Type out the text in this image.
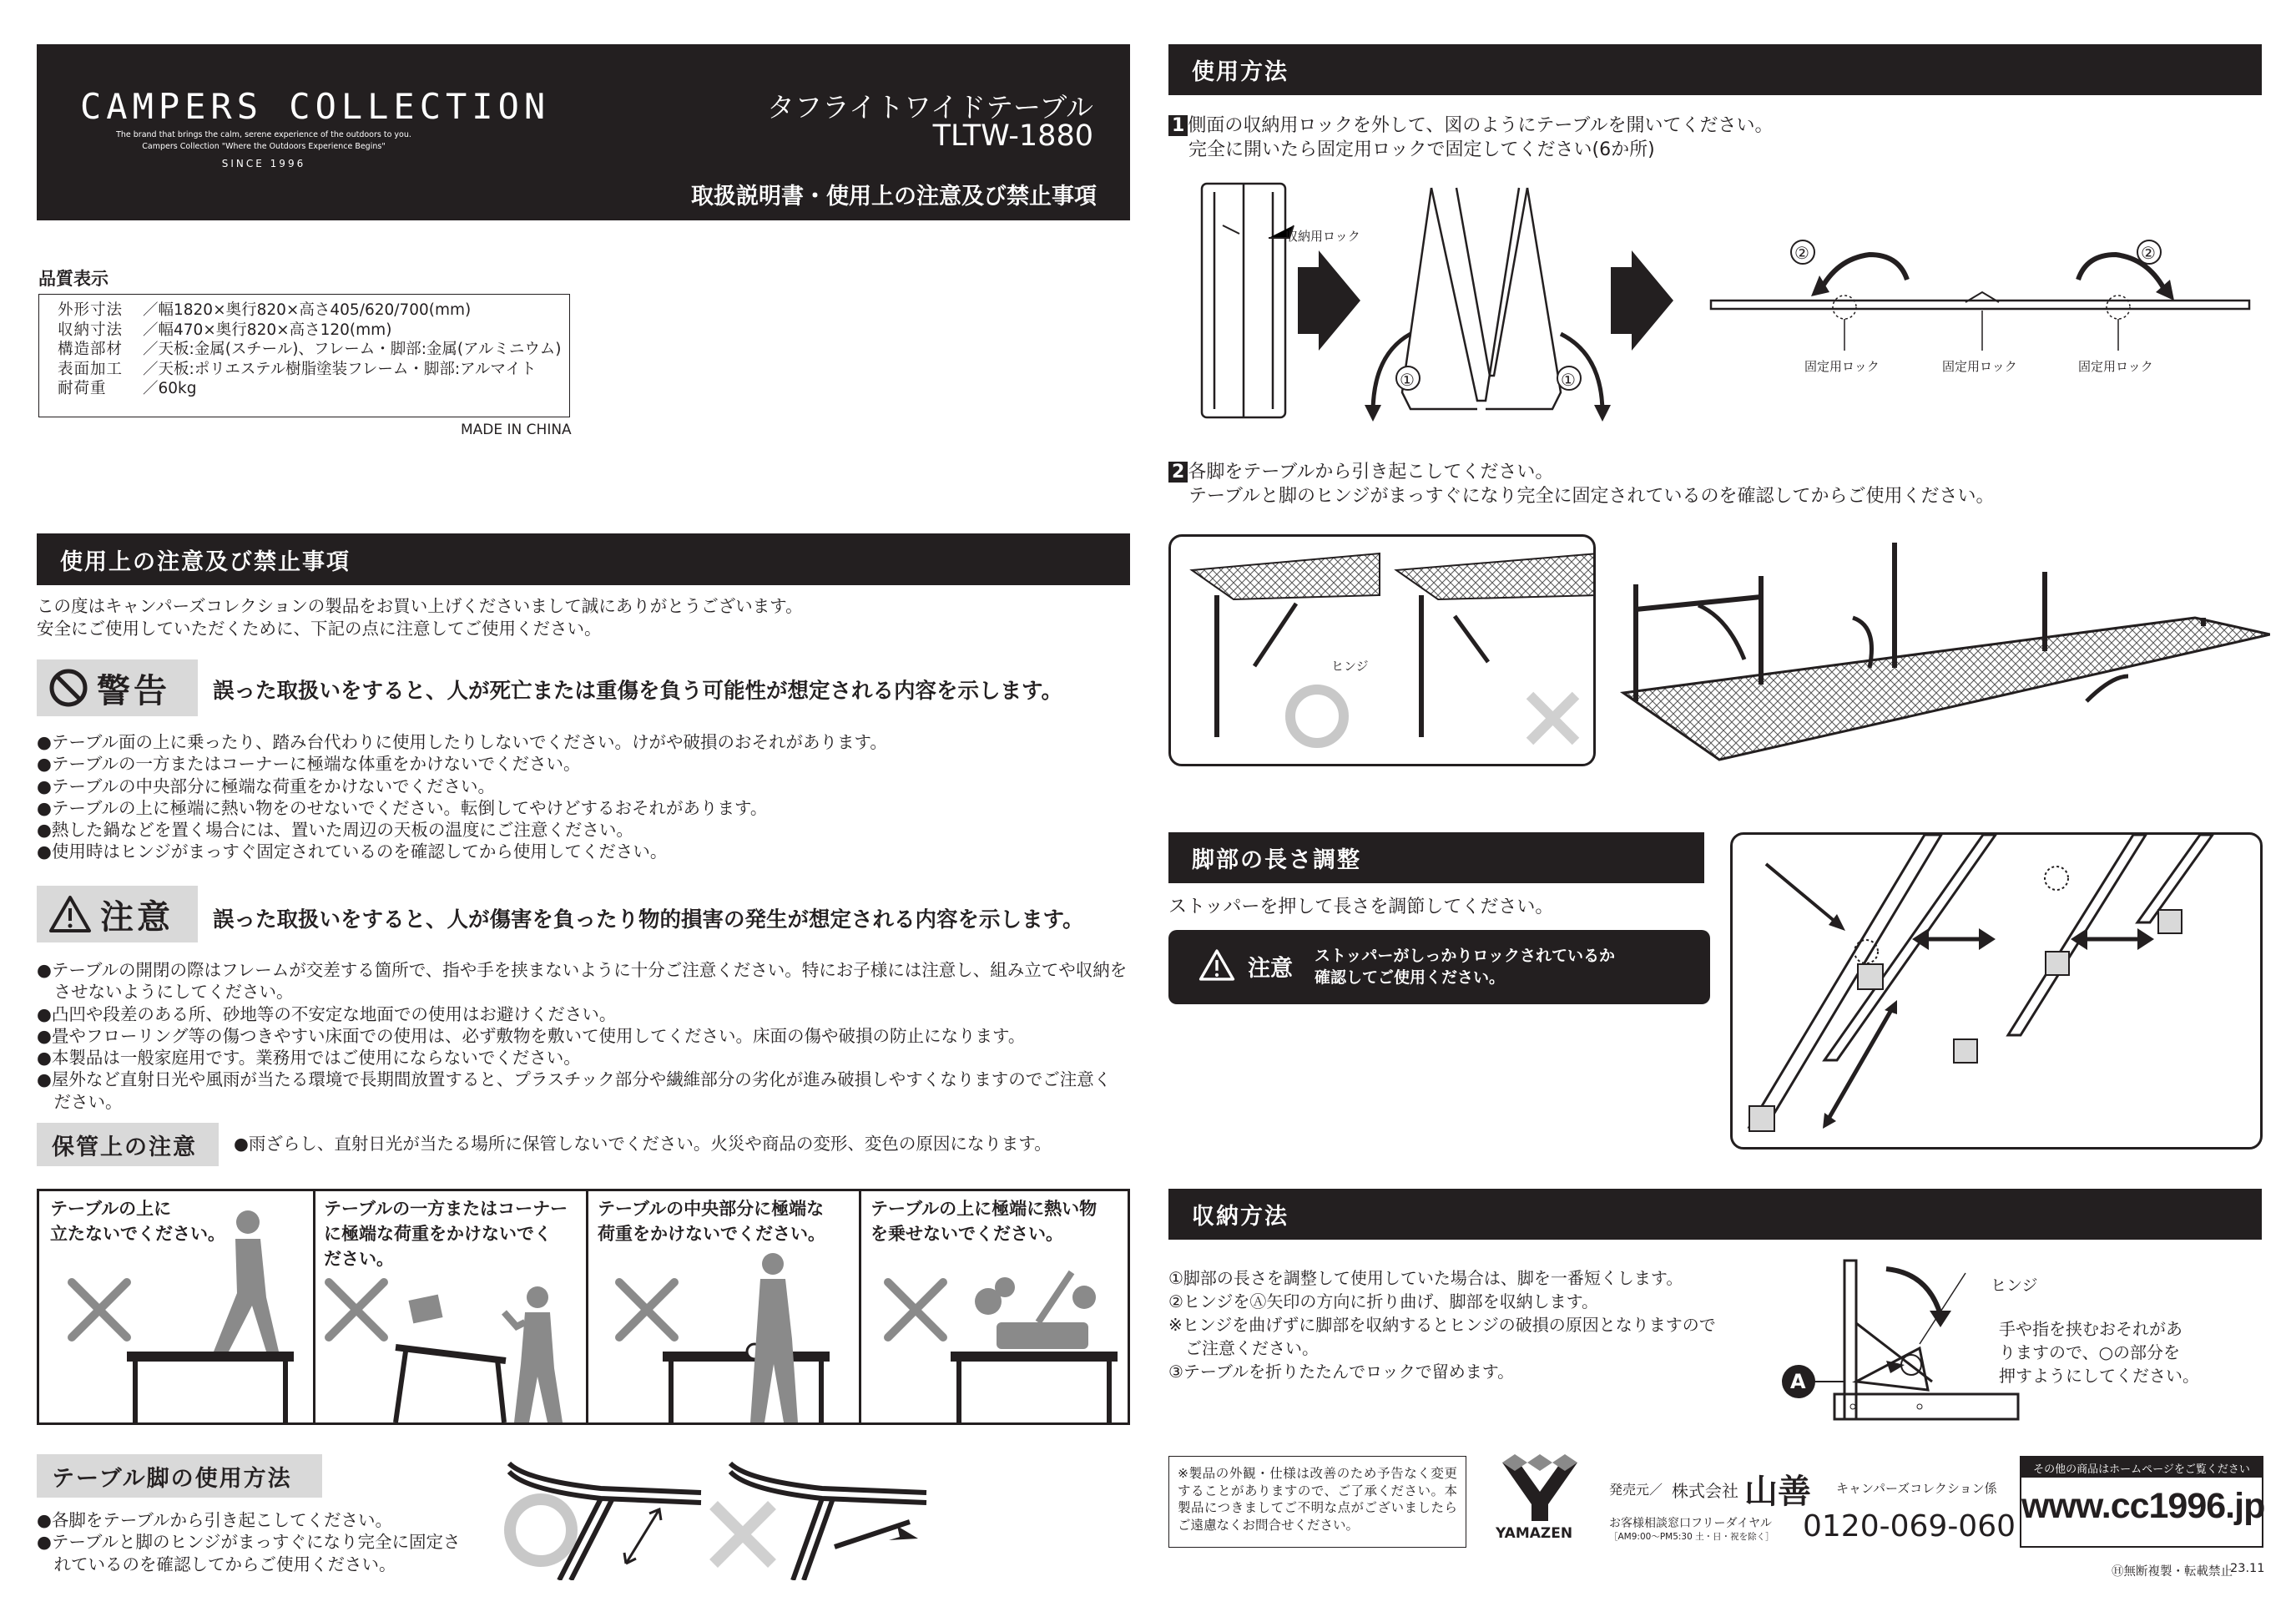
CAMPERS COLLECTION
The brand that brings the calm, serene experience of the outdoors to you.
Campers Collection "Where the Outdoors Experience Begins"
SINCE 1996
タフライトワイドテーブル
TLTW-1880
取扱説明書・使用上の注意及び禁止事項
品質表示
外形寸法	／幅1820×奥行820×高さ405/620/700(mm)
収納寸法	／幅470×奥行820×高さ120(mm)
構造部材	／天板:金属(スチール)、フレーム・脚部:金属(アルミニウム)
表面加工	／天板:ポリエステル樹脂塗装フレーム・脚部:アルマイト
耐荷重	／60kg
MADE IN CHINA
使用上の注意及び禁止事項
この度はキャンパーズコレクションの製品をお買い上げくださいまして誠にありがとうございます。
安全にご使用していただくために、下記の点に注意してご使用ください。
警告 誤った取扱いをすると、人が死亡または重傷を負う可能性が想定される内容を示します。
●テーブル面の上に乗ったり、踏み台代わりに使用したりしないでください。けがや破損のおそれがあります。
●テーブルの一方またはコーナーに極端な体重をかけないでください。
●テーブルの中央部分に極端な荷重をかけないでください。
●テーブルの上に極端に熱い物をのせないでください。転倒してやけどするおそれがあります。
●熱した鍋などを置く場合には、置いた周辺の天板の温度にご注意ください。
●使用時はヒンジがまっすぐ固定されているのを確認してから使用してください。
注意 誤った取扱いをすると、人が傷害を負ったり物的損害の発生が想定される内容を示します。
●テーブルの開閉の際はフレームが交差する箇所で、指や手を挟まないように十分ご注意ください。特にお子様には注意し、組み立てや収納を
　させないようにしてください。
●凸凹や段差のある所、砂地等の不安定な地面での使用はお避けください。
●畳やフローリング等の傷つきやすい床面での使用は、必ず敷物を敷いて使用してください。床面の傷や破損の防止になります。
●本製品は一般家庭用です。業務用ではご使用にならないでください。
●屋外など直射日光や風雨が当たる環境で長期間放置すると、プラスチック部分や繊維部分の劣化が進み破損しやすくなりますのでご注意く
　ださい。
保管上の注意	●雨ざらし、直射日光が当たる場所に保管しないでください。火災や商品の変形、変色の原因になります。
テーブルの上に
立たないでください。
テーブルの一方またはコーナー
に極端な荷重をかけないでく
ださい。
テーブルの中央部分に極端な
荷重をかけないでください。
テーブルの上に極端に熱い物
を乗せないでください。
テーブル脚の使用方法
●各脚をテーブルから引き起こしてください。
●テーブルと脚のヒンジがまっすぐになり完全に固定さ
　れているのを確認してからご使用ください。
使用方法
1 側面の収納用ロックを外して、図のようにテーブルを開いてください。
完全に開いたら固定用ロックで固定してください(6か所)
収納用ロック
①	①
②	②
固定用ロック	固定用ロック	固定用ロック
2 各脚をテーブルから引き起こしてください。
テーブルと脚のヒンジがまっすぐになり完全に固定されているのを確認してからご使用ください。
ヒンジ
脚部の長さ調整
ストッパーを押して長さを調節してください。
注意 ストッパーがしっかりロックされているか
確認してご使用ください。
収納方法
①脚部の長さを調整して使用していた場合は、脚を一番短くします。
②ヒンジをⒶ矢印の方向に折り曲げ、脚部を収納します。
※ヒンジを曲げずに脚部を収納するとヒンジの破損の原因となりますので
　ご注意ください。
③テーブルを折りたたんでロックで留めます。	A
ヒンジ
手や指を挟むおそれがあ
りますので、○の部分を
押すようにしてください。
※製品の外観・仕様は改善のため予告なく変更することがありますので、ご了承ください。本製品につきましてご不明な点がございましたらご遠慮なくお問合せください。
YAMAZEN
発売元／ 株式会社 山善 キャンパーズコレクション係
お客様相談窓口フリーダイヤル
［AM9:00～PM5:30 土・日・祝を除く］ 0120-069-060
その他の商品はホームページをご覧ください
www.cc1996.jp
Ⓗ無断複製・転載禁止
23.11
